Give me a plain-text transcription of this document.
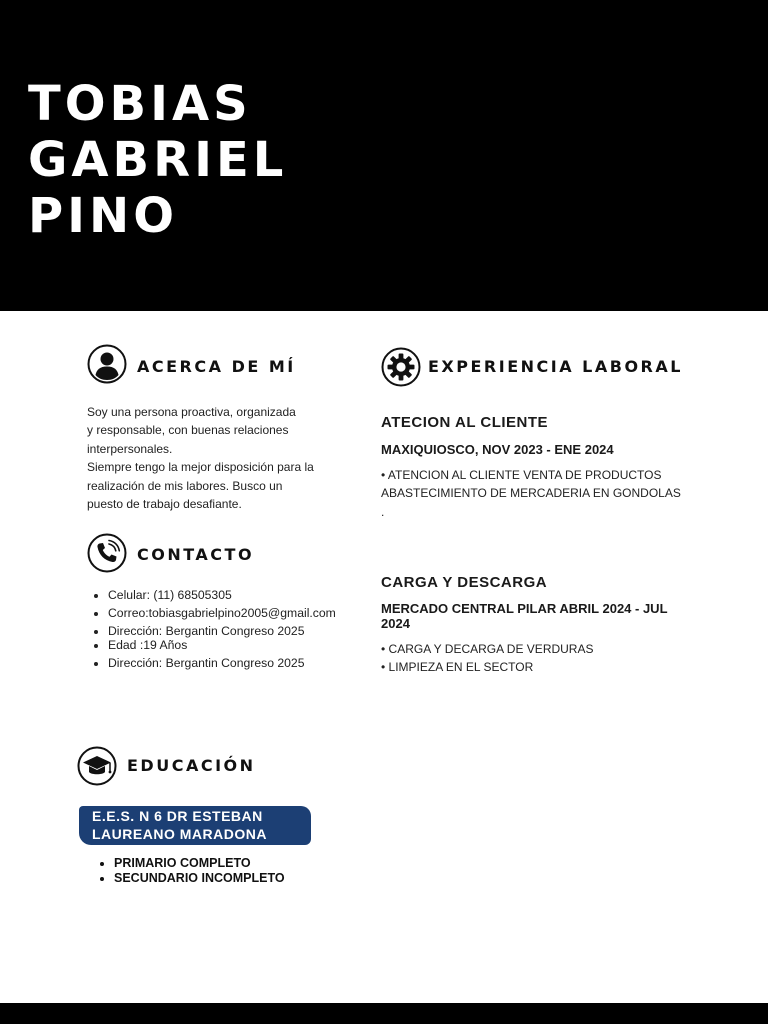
TOBIAS
GABRIEL
PINO
ACERCA DE MÍ

Soy una persona proactiva, organizada
y responsable, con buenas relaciones
interpersonales.
Siempre tengo la mejor disposición para la
realización de mis labores. Busco un
puesto de trabajo desafiante.

CONTACTO
• Celular: (11) 68505305
• Correo:tobiasgabrielpino2005@gmail.com
• Dirección: Bergantin Congreso 2025
• Edad :19 Años
• Dirección: Bergantin Congreso 2025
EXPERIENCIA LABORAL
ATECION AL CLIENTE

MAXIQUIOSCO, NOV 2023 - ENE 2024

• ATENCION AL CLIENTE VENTA DE PRODUCTOS
ABASTECIMIENTO DE MERCADERIA EN GONDOLAS
.

CARGA Y DESCARGA

MERCADO CENTRAL PILAR ABRIL 2024 - JUL 2024

• CARGA Y DECARGA DE VERDURAS
• LIMPIEZA EN EL SECTOR

EDUCACIÓN
E.E.S. N 6 DR ESTEBAN
LAUREANO MARADONA
• PRIMARIO COMPLETO
• SECUNDARIO INCOMPLETO
